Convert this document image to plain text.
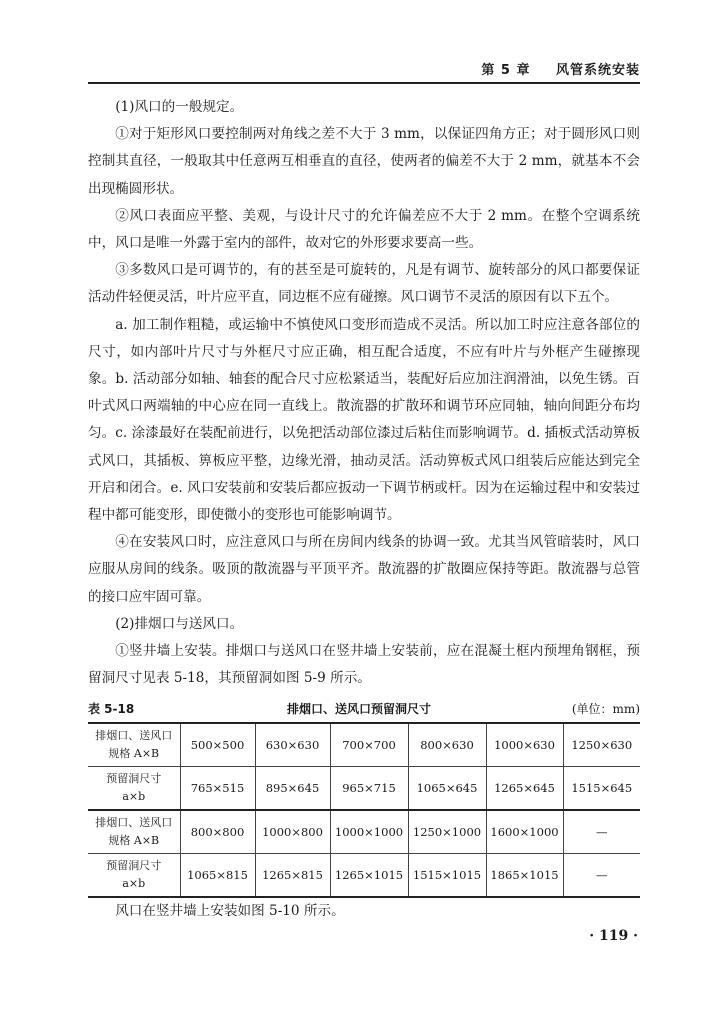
第 5 章
风管系统安装

(1)风口的一般规定。

①对于矩形风口要控制两对角线之差不大于 3 mm，以保证四角方正；对于圆形风口则控制其直径，一般取其中任意两互相垂直的直径，使两者的偏差不大于 2 mm，就基本不会出现椭圆形状。

②风口表面应平整、美观，与设计尺寸的允许偏差应不大于 2 mm。在整个空调系统中，风口是唯一外露于室内的部件，故对它的外形要求要高一些。

③多数风口是可调节的，有的甚至是可旋转的，凡是有调节、旋转部分的风口都要保证活动件轻便灵活，叶片应平直，同边框不应有碰擦。风口调节不灵活的原因有以下五个。

a. 加工制作粗糙，或运输中不慎使风口变形而造成不灵活。所以加工时应注意各部位的尺寸，如内部叶片尺寸与外框尺寸应正确，相互配合适度，不应有叶片与外框产生碰擦现象。b. 活动部分如轴、轴套的配合尺寸应松紧适当，装配好后应加注润滑油，以免生锈。百叶式风口两端轴的中心应在同一直线上。散流器的扩散环和调节环应同轴，轴向间距分布均匀。c. 涂漆最好在装配前进行，以免把活动部位漆过后粘住而影响调节。d. 插板式活动箅板式风口，其插板、箅板应平整，边缘光滑，抽动灵活。活动箅板式风口组装后应能达到完全开启和闭合。e. 风口安装前和安装后都应扳动一下调节柄或杆。因为在运输过程中和安装过程中都可能变形，即使微小的变形也可能影响调节。

④在安装风口时，应注意风口与所在房间内线条的协调一致。尤其当风管暗装时，风口应服从房间的线条。吸顶的散流器与平顶平齐。散流器的扩散圈应保持等距。散流器与总管的接口应牢固可靠。

(2)排烟口与送风口。

①竖井墙上安装。排烟口与送风口在竖井墙上安装前，应在混凝土框内预埋角钢框，预留洞尺寸见表 5-18，其预留洞如图 5-9 所示。

表 5-18	排烟口、送风口预留洞尺寸	(单位：mm)
排烟口、送风口
规格 A×B	500×500	630×630	700×700	800×630	1000×630	1250×630
预留洞尺寸
a×b	765×515	895×645	965×715	1065×645	1265×645	1515×645
排烟口、送风口
规格 A×B	800×800	1000×800	1000×1000	1250×1000	1600×1000	—
预留洞尺寸
a×b	1065×815	1265×815	1265×1015	1515×1015	1865×1015	—

风口在竖井墙上安装如图 5-10 所示。

· 119 ·
